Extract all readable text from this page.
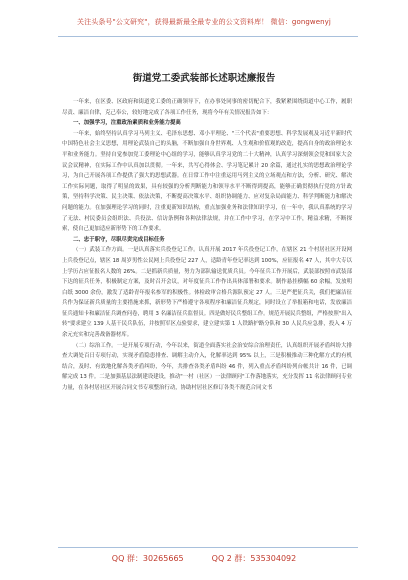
关注头条号"公文研究"，获得最新最全最专业的公文资料库！ 微信：gongwenyj
街道党工委武装部长述职述廉报告

一年来，在区委、区政府和街道党工委的正确领导下，在办事处同事的密切配合下，我紧紧围绕街道中心工作，履职尽责、廉洁自律，克己奉公，较好地完成了各项工作任务，现将今年有关情况报告如下：

一、加强学习，注重政治素质和业务能力提高

一年来，始终坚持认真学习马列主义、毛泽东思想、邓小平理论、"三个代表"重要思想、科学发展观及习近平新时代中国特色社会主义思想，用理论武装自己的头脑，不断加强自身世界观、人生观和价值观的改造，提高自身的政治理论水平和业务能力。坚持自觉参加党工委理论中心组的学习，能够认真学习党的二十大精神，认真学习深刻领会党和国家大会议会议精神，在实际工作中认真加以贯彻。一年来，共写心得体会、学习笔记累计 20 余篇，通过扎实的思想政治理论学习，为自己开展各项工作提供了强大的思想武器。在日常工作中注重运用马列主义的立场观点和方法，分析、研究、解决工作实际问题，取得了明显的效果，具有较强的分析判断能力和领导水平不断得到提高，能够正确贯彻执行党的方针政策，坚持科学决策、民主决策、依法决策，不断提高决策水平、组织协调能力、应对复杂局面能力、科学判断能力和解决问题的能力。在加强理论学习的同时，注重更新知识结构，重点加强业务和法律知识学习，在一年中，我认真系统的学习了无法、村民委员会组织法、兵役法、信访条例和各种法律法规，并在工作中学习，在学习中工作，精益求精，不断探索，使自己更加适应新形势下的工作要求。

二、忠于职守，尽职尽责完成目标任务

（一）武装工作方面。一是认真落实兵役登记工作。认真开展 2017 年兵役登记工作，在辖区 21 个村居社区开设网上兵役登记点，辖区 18 周岁男性公民网上兵役登记 227 人，适龄青年登记率达到 100%，应征报名 47 人，其中大专以上学历占应征报名人数的 26%。二是抓新兵质量，努力为部队输送优质兵员。今年征兵工作开展后，武装部按照市武装部下达的征兵任务，积极制定方案，及时召开会议，对年度征兵工作作出具体部署和要求。制作悬挂横幅 60 余幅，发放明白纸 3000 余份，激发了适龄青年报名参军的积极性。体检政审合格兵源队预定 27 人。三是严把征兵关，我们把廉洁征兵作为保证新兵质量的主要措施来抓，新形势下严格遵守各项程序和廉洁征兵规定，同时设立了举报箱和电话，发放廉洁征兵通知卡和廉洁征兵调查问卷，聘用 3 名廉洁征兵监督员。四是做好民兵整组工作。规范开展民兵整组，严格按照"出入转"要求建立 139 人基干民兵队伍，并按照军区点验要求，建立建实第 1 人铁路护路分队和 30 人民兵应急排，投入 4 万余元充实和完善战备器材库。

（二）综治工作。一是开展专项行动，今年以来，街道全面落实社会治安综合治理责任，认真组织开展矛盾纠纷大排查大调处百日专项行动，实现矛盾隐患排查、调解主动介入，化解率达到 95% 以上，三是积极推动三种化解方式的有机结合，及时、有效地化解各类矛盾纠纷，今年，共排查各类矛盾纠纷 46 件，列入重点矛盾纠纷列台帐共计 16 件，已调解完成 13 件。二是加强基层法制建设建设，推动"一村（社区）一法律顾问"工作落地落实，充分发挥 11 名法律顾问专业力量，在各村居社区开展合同文书专项整治行动，协助村居社区修订各类不规范合同文书

QQ 群：30265665	QQ 2 群：535304092
